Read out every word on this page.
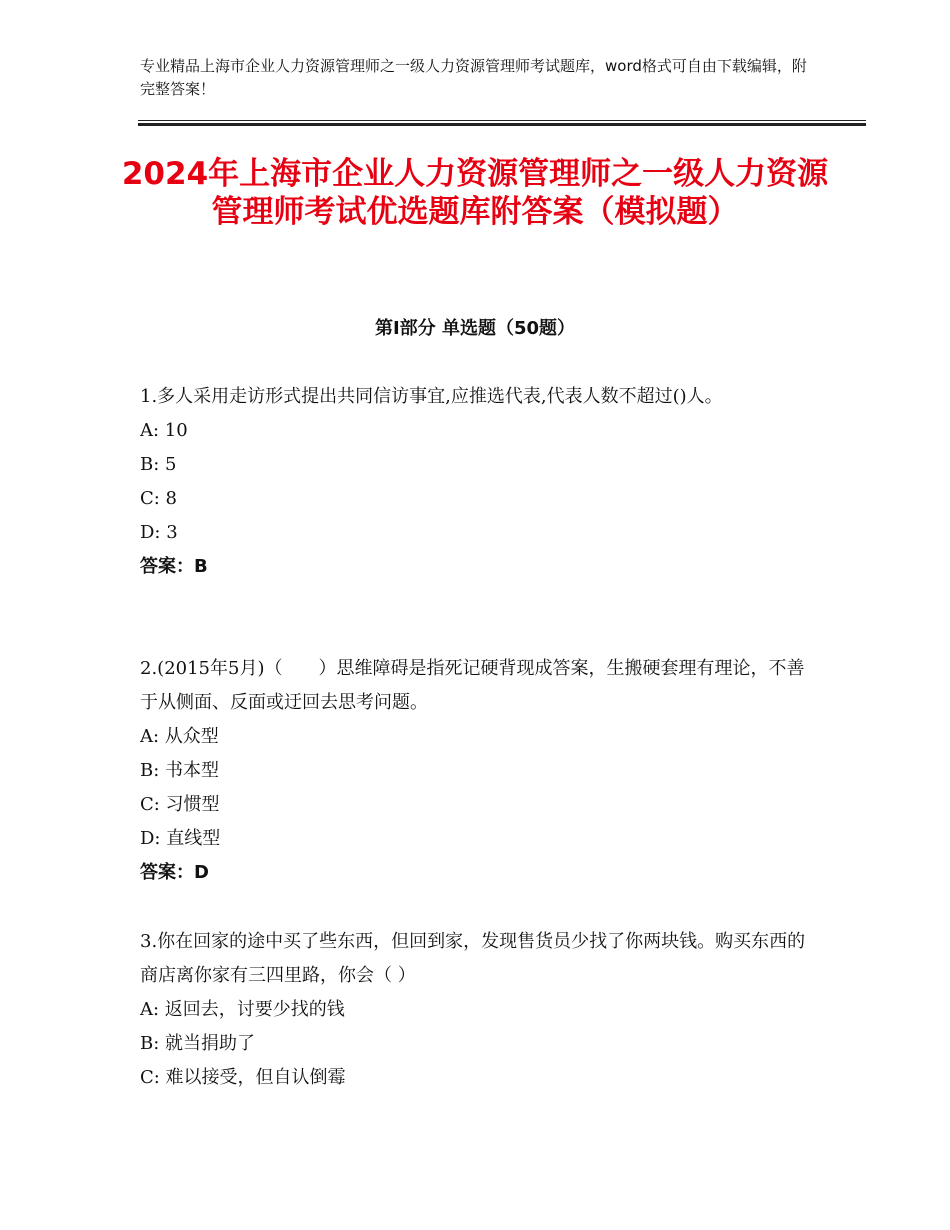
专业精品上海市企业人力资源管理师之一级人力资源管理师考试题库，word格式可自由下载编辑，附完整答案！
2024年上海市企业人力资源管理师之一级人力资源管理师考试优选题库附答案（模拟题）
第Ⅰ部分 单选题（50题）
1.多人采用走访形式提出共同信访事宜,应推选代表,代表人数不超过()人。
A: 10
B: 5
C: 8
D: 3
答案：B
2.(2015年5月)（　　）思维障碍是指死记硬背现成答案，生搬硬套理有理论，不善于从侧面、反面或迂回去思考问题。
A: 从众型
B: 书本型
C: 习惯型
D: 直线型
答案：D
3.你在回家的途中买了些东西，但回到家，发现售货员少找了你两块钱。购买东西的商店离你家有三四里路，你会（ ）
A: 返回去，讨要少找的钱
B: 就当捐助了
C: 难以接受，但自认倒霉
